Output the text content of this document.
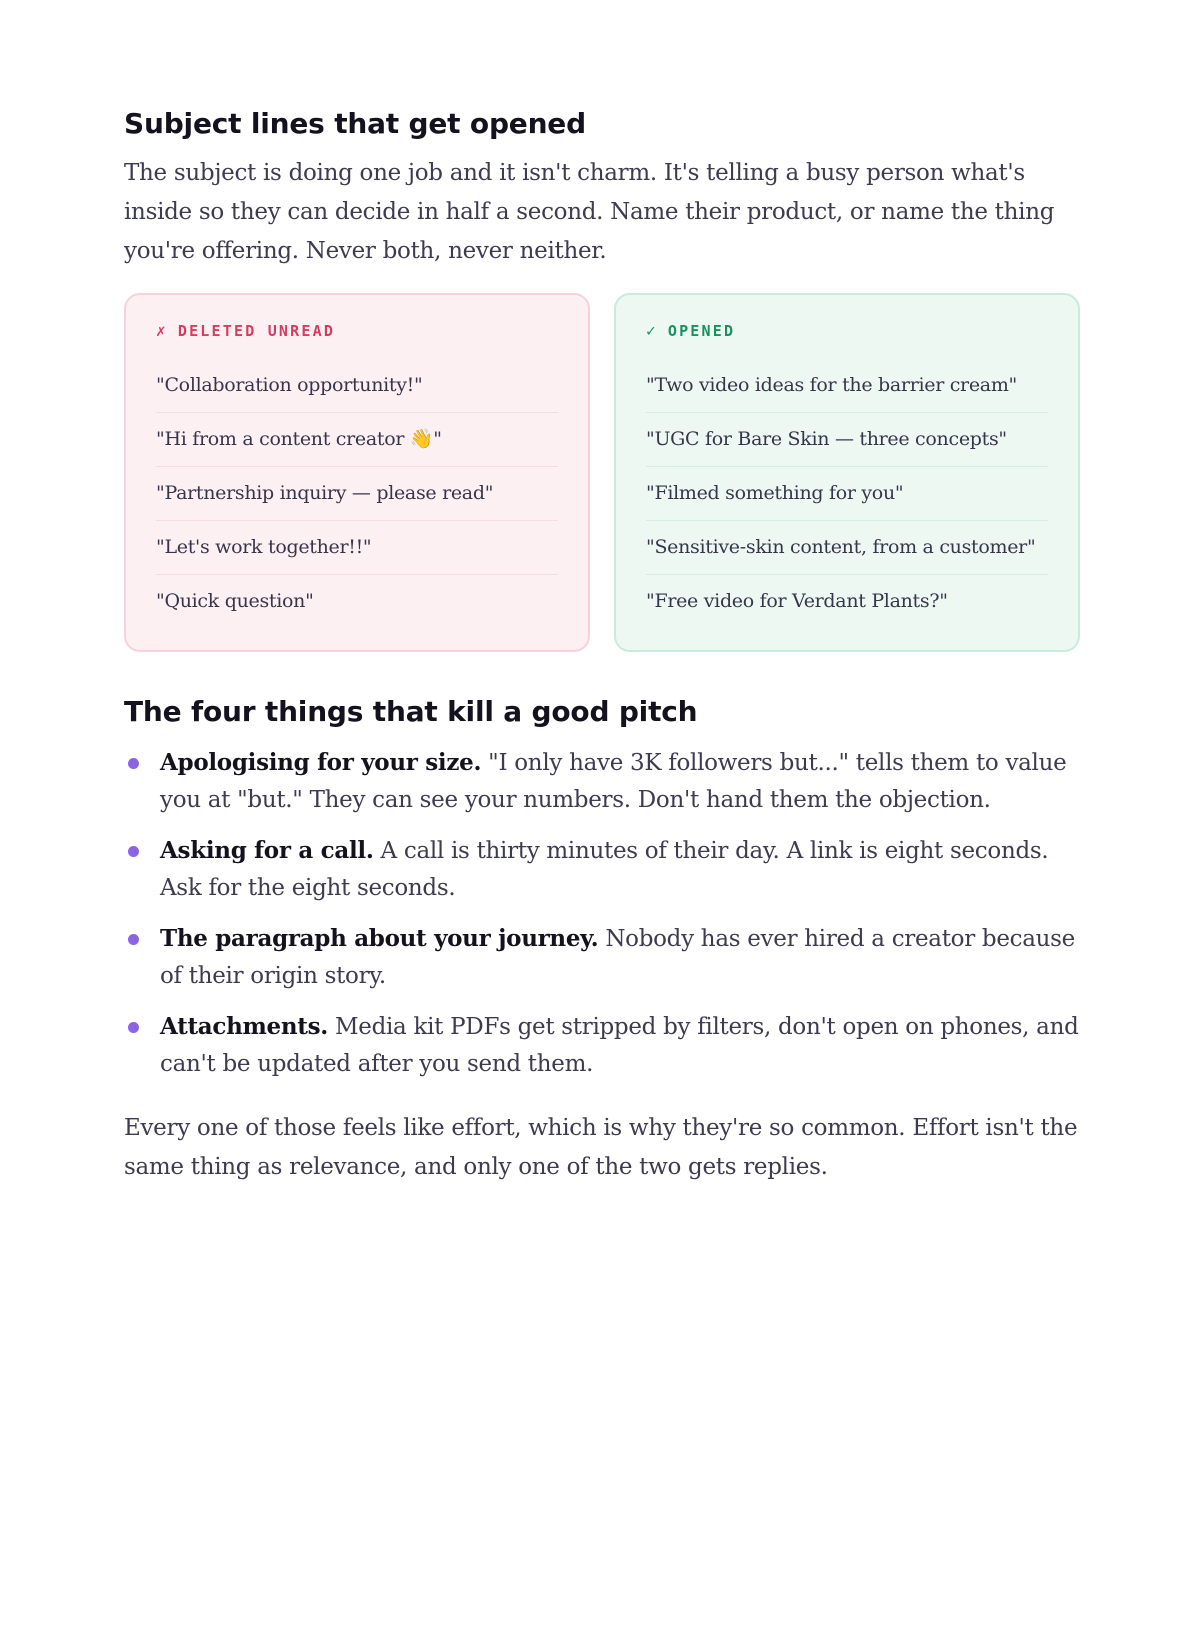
Subject lines that get opened

The subject is doing one job and it isn't charm. It's telling a busy person what's inside so they can decide in half a second. Name their product, or name the thing you're offering. Never both, never neither.

✗ DELETED UNREAD
"Collaboration opportunity!"
"Hi from a content creator 👋"
"Partnership inquiry — please read"
"Let's work together!!"
"Quick question"
✓ OPENED
"Two video ideas for the barrier cream"
"UGC for Bare Skin — three concepts"
"Filmed something for you"
"Sensitive-skin content, from a customer"
"Free video for Verdant Plants?"
The four things that kill a good pitch
Apologising for your size. "I only have 3K followers but..." tells them to value you at "but." They can see your numbers. Don't hand them the objection.
Asking for a call. A call is thirty minutes of their day. A link is eight seconds. Ask for the eight seconds.
The paragraph about your journey. Nobody has ever hired a creator because of their origin story.
Attachments. Media kit PDFs get stripped by filters, don't open on phones, and can't be updated after you send them.

Every one of those feels like effort, which is why they're so common. Effort isn't the same thing as relevance, and only one of the two gets replies.
